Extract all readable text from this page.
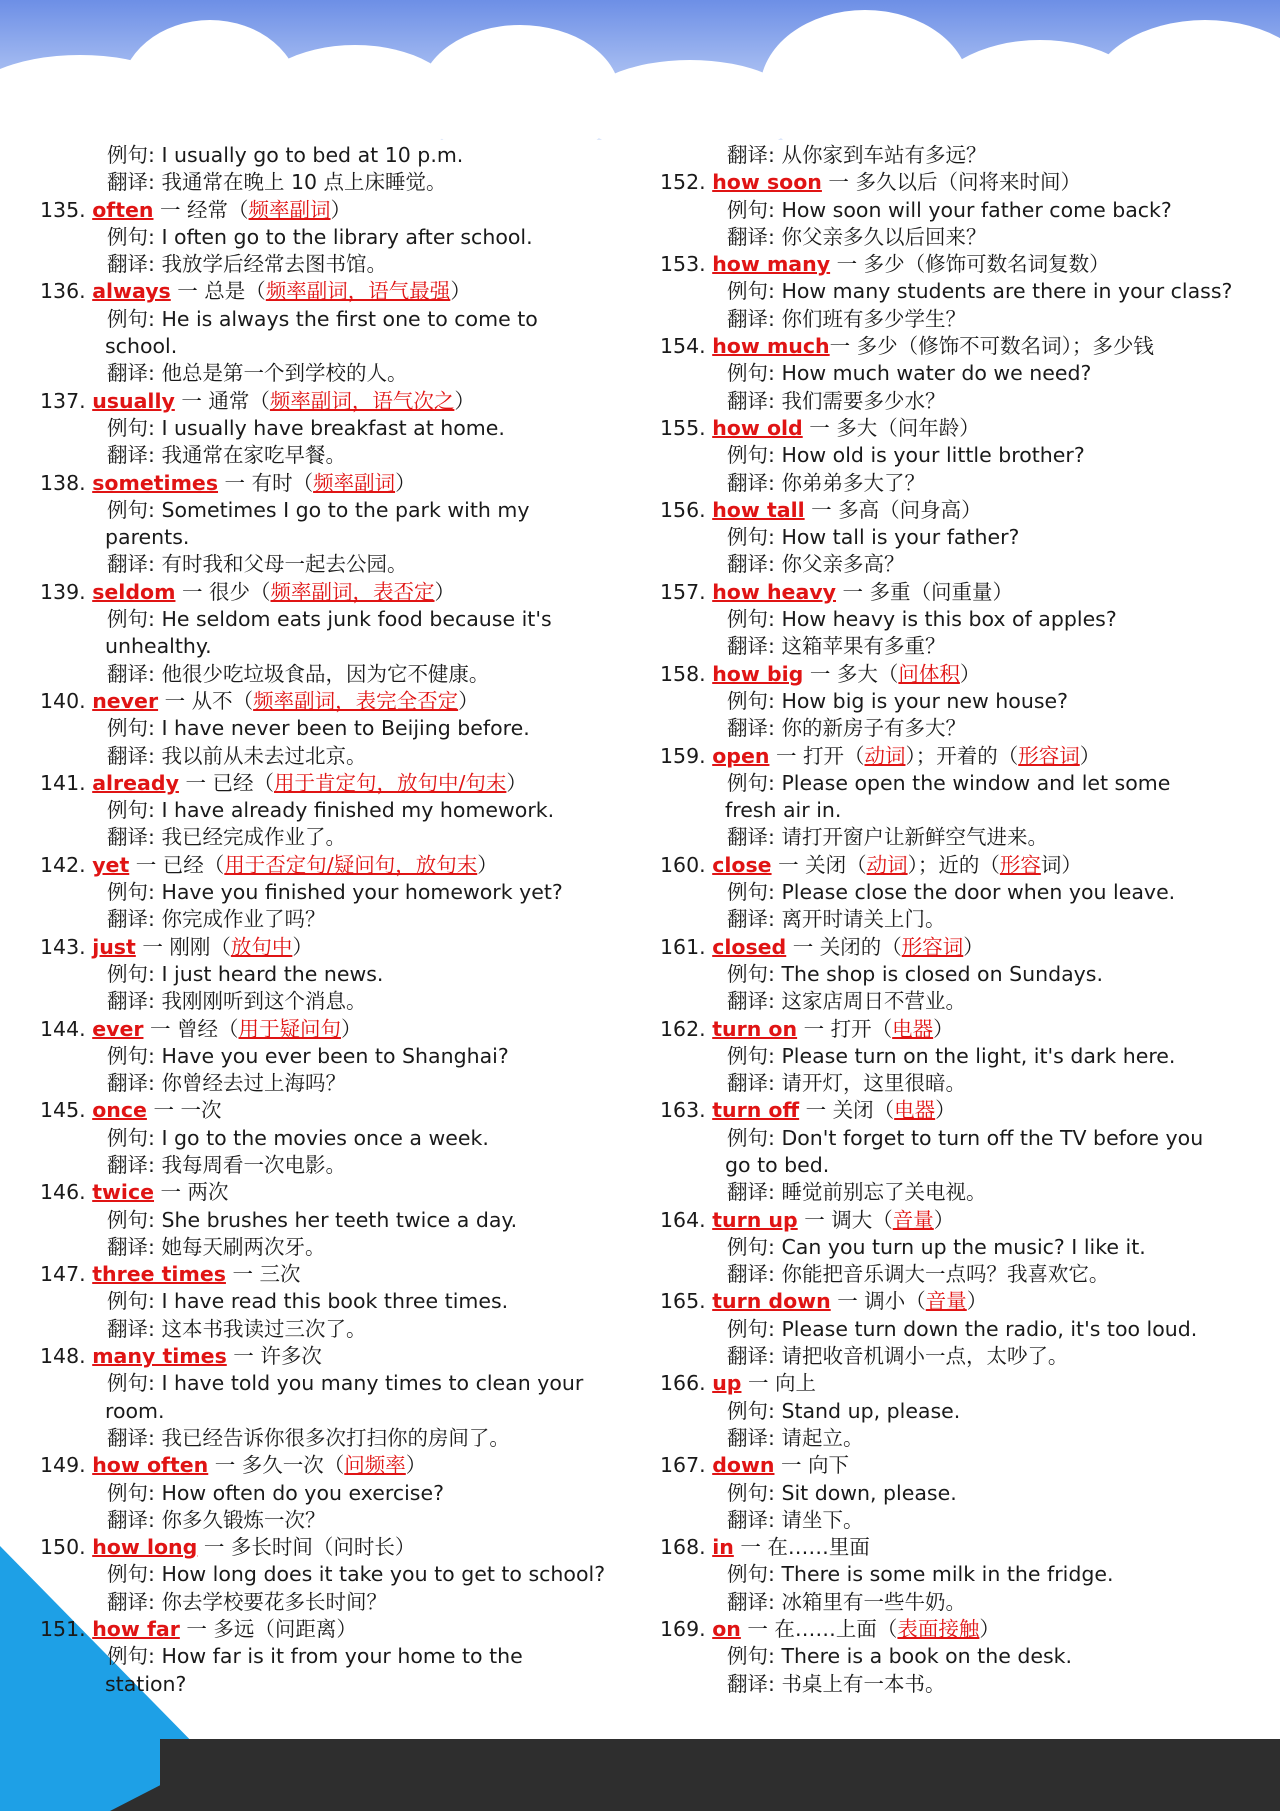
例句: I usually go to bed at 10 p.m.
翻译: 我通常在晚上 10 点上床睡觉。
135. often 一 经常（频率副词）
例句: I often go to the library after school.
翻译: 我放学后经常去图书馆。
136. always 一 总是（频率副词，语气最强）
例句: He is always the first one to come to
school.
翻译: 他总是第一个到学校的人。
137. usually 一 通常（频率副词，语气次之）
例句: I usually have breakfast at home.
翻译: 我通常在家吃早餐。
138. sometimes 一 有时（频率副词）
例句: Sometimes I go to the park with my
parents.
翻译: 有时我和父母一起去公园。
139. seldom 一 很少（频率副词，表否定）
例句: He seldom eats junk food because it's
unhealthy.
翻译: 他很少吃垃圾食品，因为它不健康。
140. never 一 从不（频率副词，表完全否定）
例句: I have never been to Beijing before.
翻译: 我以前从未去过北京。
141. already 一 已经（用于肯定句，放句中/句末）
例句: I have already finished my homework.
翻译: 我已经完成作业了。
142. yet 一 已经（用于否定句/疑问句，放句末）
例句: Have you finished your homework yet?
翻译: 你完成作业了吗？
143. just 一 刚刚（放句中）
例句: I just heard the news.
翻译: 我刚刚听到这个消息。
144. ever 一 曾经（用于疑问句）
例句: Have you ever been to Shanghai?
翻译: 你曾经去过上海吗？
145. once 一 一次
例句: I go to the movies once a week.
翻译: 我每周看一次电影。
146. twice 一 两次
例句: She brushes her teeth twice a day.
翻译: 她每天刷两次牙。
147. three times 一 三次
例句: I have read this book three times.
翻译: 这本书我读过三次了。
148. many times 一 许多次
例句: I have told you many times to clean your
room.
翻译: 我已经告诉你很多次打扫你的房间了。
149. how often 一 多久一次（问频率）
例句: How often do you exercise?
翻译: 你多久锻炼一次？
150. how long 一 多长时间（问时长）
例句: How long does it take you to get to school?
翻译: 你去学校要花多长时间？
151. how far 一 多远（问距离）
例句: How far is it from your home to the
station?
翻译: 从你家到车站有多远？
152. how soon 一 多久以后（问将来时间）
例句: How soon will your father come back?
翻译: 你父亲多久以后回来？
153. how many 一 多少（修饰可数名词复数）
例句: How many students are there in your class?
翻译: 你们班有多少学生？
154. how much一 多少（修饰不可数名词）；多少钱
例句: How much water do we need?
翻译: 我们需要多少水？
155. how old 一 多大（问年龄）
例句: How old is your little brother?
翻译: 你弟弟多大了？
156. how tall 一 多高（问身高）
例句: How tall is your father?
翻译: 你父亲多高？
157. how heavy 一 多重（问重量）
例句: How heavy is this box of apples?
翻译: 这箱苹果有多重？
158. how big 一 多大（问体积）
例句: How big is your new house?
翻译: 你的新房子有多大？
159. open 一 打开（动词）；开着的（形容词）
例句: Please open the window and let some
fresh air in.
翻译: 请打开窗户让新鲜空气进来。
160. close 一 关闭（动词）；近的（形容词）
例句: Please close the door when you leave.
翻译: 离开时请关上门。
161. closed 一 关闭的（形容词）
例句: The shop is closed on Sundays.
翻译: 这家店周日不营业。
162. turn on 一 打开（电器）
例句: Please turn on the light, it's dark here.
翻译: 请开灯，这里很暗。
163. turn off 一 关闭（电器）
例句: Don't forget to turn off the TV before you
go to bed.
翻译: 睡觉前别忘了关电视。
164. turn up 一 调大（音量）
例句: Can you turn up the music? I like it.
翻译: 你能把音乐调大一点吗？我喜欢它。
165. turn down 一 调小（音量）
例句: Please turn down the radio, it's too loud.
翻译: 请把收音机调小一点，太吵了。
166. up 一 向上
例句: Stand up, please.
翻译: 请起立。
167. down 一 向下
例句: Sit down, please.
翻译: 请坐下。
168. in 一 在……里面
例句: There is some milk in the fridge.
翻译: 冰箱里有一些牛奶。
169. on 一 在……上面（表面接触）
例句: There is a book on the desk.
翻译: 书桌上有一本书。
